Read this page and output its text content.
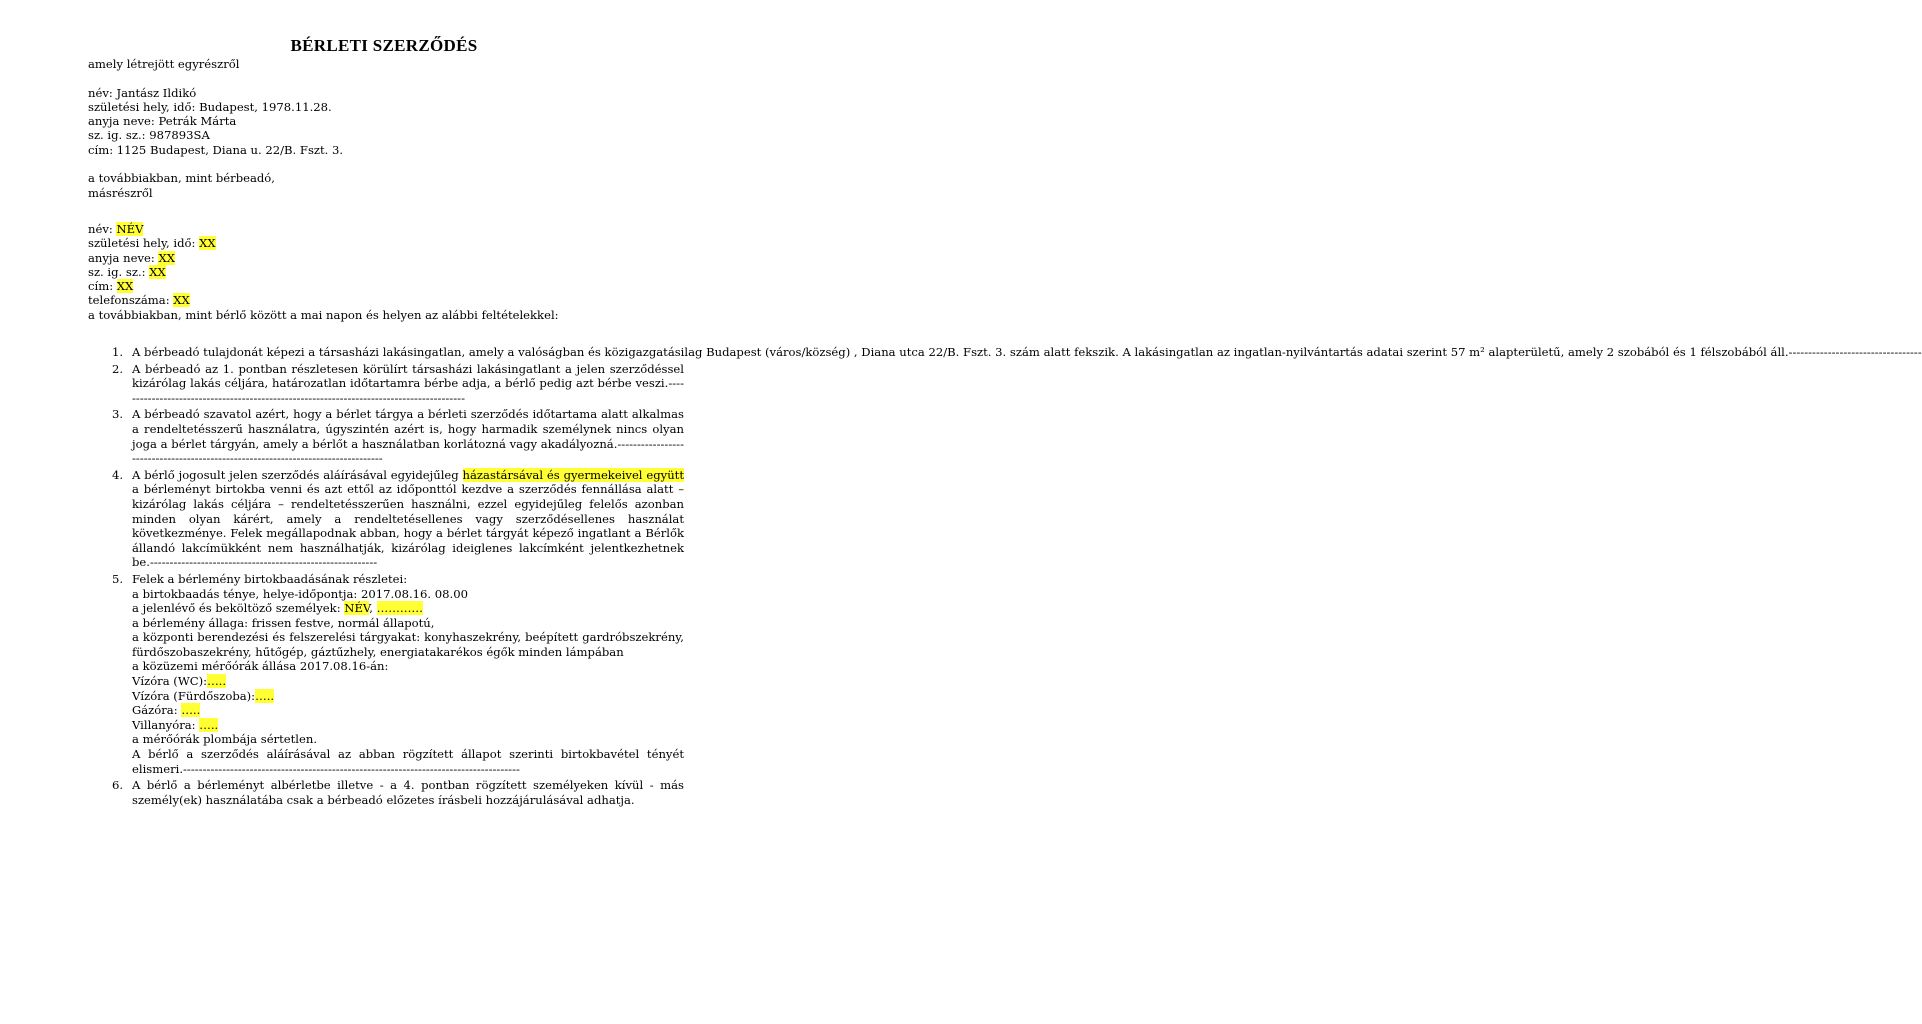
BÉRLETI SZERZŐDÉS
amely létrejött egyrészről
név: Jantász Ildikó
születési hely, idő: Budapest, 1978.11.28.
anyja neve: Petrák Márta
sz. ig. sz.: 987893SA
cím: 1125 Budapest, Diana u. 22/B. Fszt. 3.
a továbbiakban, mint bérbeadó,
másrészről
név: NÉV
születési hely, idő: XX
anyja neve: XX
sz. ig. sz.: XX
cím: XX
telefonszáma: XX
a továbbiakban, mint bérlő között a mai napon és helyen az alábbi feltételekkel:
1. A bérbeadó tulajdonát képezi a társasházi lakásingatlan, amely a valóságban és közigazgatásilag Budapest (város/község) , Diana utca 22/B. Fszt. 3. szám alatt fekszik. A lakásingatlan az ingatlan-nyilvántartás adatai szerint 57 m² alapterületű, amely 2 szobából és 1 félszobából áll.----------------------------------
2. A bérbeadó az 1. pontban részletesen körülírt társasházi lakásingatlant a jelen szerződéssel kizárólag lakás céljára, határozatlan időtartamra bérbe adja, a bérlő pedig azt bérbe veszi.-----------------------------------------------------------------------------------------
3. A bérbeadó szavatol azért, hogy a bérlet tárgya a bérleti szerződés időtartama alatt alkalmas a rendeltetésszerű használatra, úgyszintén azért is, hogy harmadik személynek nincs olyan joga a bérlet tárgyán, amely a bérlőt a használatban korlátozná vagy akadályozná.---------------------------------------------------------------------------------
4. A bérlő jogosult jelen szerződés aláírásával egyidejűleg házastársával és gyermekeivel együtt a bérleményt birtokba venni és azt ettől az időponttól kezdve a szerződés fennállása alatt – kizárólag lakás céljára – rendeltetésszerűen használni, ezzel egyidejűleg felelős azonban minden olyan kárért, amely a rendeltetésellenes vagy szerződésellenes használat következménye. Felek megállapodnak abban, hogy a bérlet tárgyát képező ingatlant a Bérlők állandó lakcímükként nem használhatják, kizárólag ideiglenes lakcímként jelentkezhetnek be.----------------------------------------------------------
5. Felek a bérlemény birtokbaadásának részletei:
a birtokbaadás ténye, helye-időpontja: 2017.08.16. 08.00
a jelenlévő és beköltöző személyek: NÉV, …………
a bérlemény állaga: frissen festve, normál állapotú,
a központi berendezési és felszerelési tárgyakat: konyhaszekrény, beépített gardróbszekrény, fürdőszobaszekrény, hűtőgép, gáztűzhely, energiatakarékos égők minden lámpában
a közüzemi mérőórák állása 2017.08.16-án:
Vízóra (WC):…..
Vízóra (Fürdőszoba):…..
Gázóra: …..
Villanyóra: …..
a mérőórák plombája sértetlen.
A bérlő a szerződés aláírásával az abban rögzített állapot szerinti birtokbavétel tényét elismeri.--------------------------------------------------------------------------------------
6. A bérlő a bérleményt albérletbe illetve - a 4. pontban rögzített személyeken kívül - más személy(ek) használatába csak a bérbeadó előzetes írásbeli hozzájárulásával adhatja.
